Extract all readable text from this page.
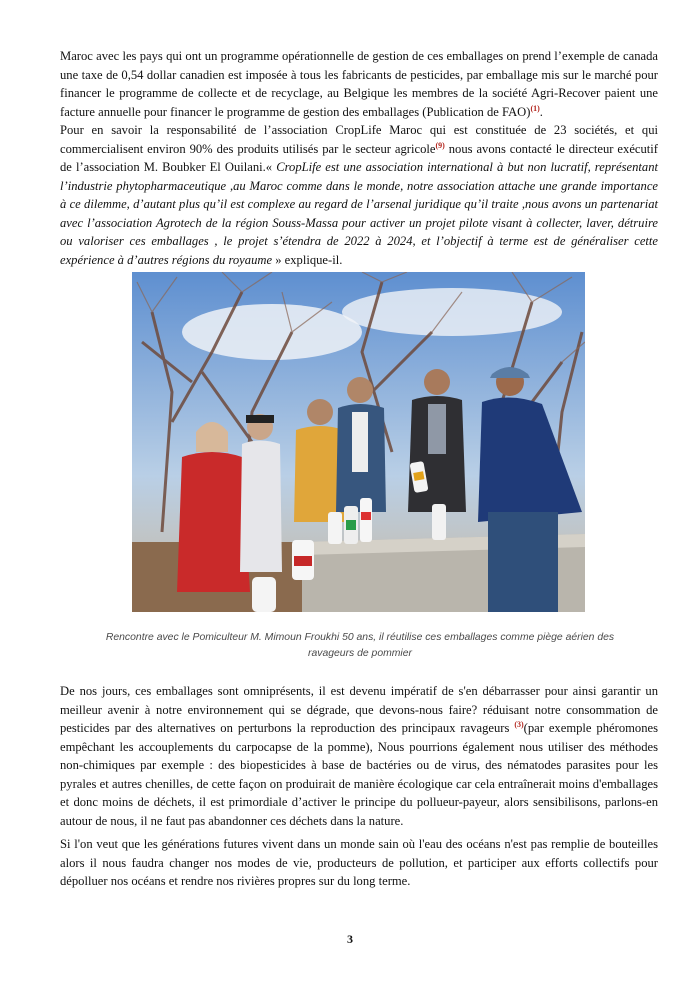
Maroc avec les pays qui ont un programme opérationnelle de gestion de ces emballages on prend l’exemple de canada une taxe de 0,54 dollar canadien est imposée à tous les fabricants de pesticides, par emballage mis sur le marché pour financer le programme de collecte et de recyclage, au Belgique les membres de la société Agri-Recover paient une facture annuelle pour financer le programme de gestion des emballages (Publication de FAO)$^{(1)}$.
Pour en savoir la responsabilité de l’association CropLife Maroc qui est constituée de 23 sociétés, et qui commercialisent environ 90% des produits utilisés par le secteur agricole$^{(9)}$ nous avons contacté le directeur exécutif de l’association M. Boubker El Ouilani.« CropLife est une association international à but non lucratif, représentant l’industrie phytopharmaceutique ,au Maroc comme dans le monde, notre association attache une grande importance à ce dilemme, d’autant plus qu’il est complexe au regard de l’arsenal juridique qu’il traite ,nous avons un partenariat avec l’association Agrotech de la région Souss-Massa pour activer un projet pilote visant à collecter, laver, détruire ou valoriser ces emballages , le projet s’étendra de 2022 à 2024, et l’objectif à terme est de généraliser cette expérience à d’autres régions du royaume » explique-il.

Rencontre avec le Pomiculteur M. Mimoun Froukhi 50 ans, il réutilise ces emballages comme piège aérien des ravageurs de pommier

De nos jours, ces emballages sont omniprésents, il est devenu impératif de s'en débarrasser pour ainsi garantir un meilleur avenir à notre environnement qui se dégrade, que devons-nous faire? réduisant notre consommation de pesticides par des alternatives on perturbons la reproduction des principaux ravageurs $^{(3)}$(par exemple phéromones empêchant les accouplements du carpocapse de la pomme), Nous pourrions également nous utiliser des méthodes non-chimiques par exemple : des biopesticides à base de bactéries ou de virus, des nématodes parasites pour les pyrales et autres chenilles, de cette façon on produirait de manière écologique car cela entraînerait moins d'emballages et donc moins de déchets, il est primordiale d’activer le principe du pollueur-payeur, alors sensibilisons, parlons-en autour de nous, il ne faut pas abandonner ces déchets dans la nature.

Si l'on veut que les générations futures vivent dans un monde sain où l'eau des océans n'est pas remplie de bouteilles alors il nous faudra changer nos modes de vie, producteurs de pollution, et participer aux efforts collectifs pour dépolluer nos océans et rendre nos rivières propres sur du long terme.

3
